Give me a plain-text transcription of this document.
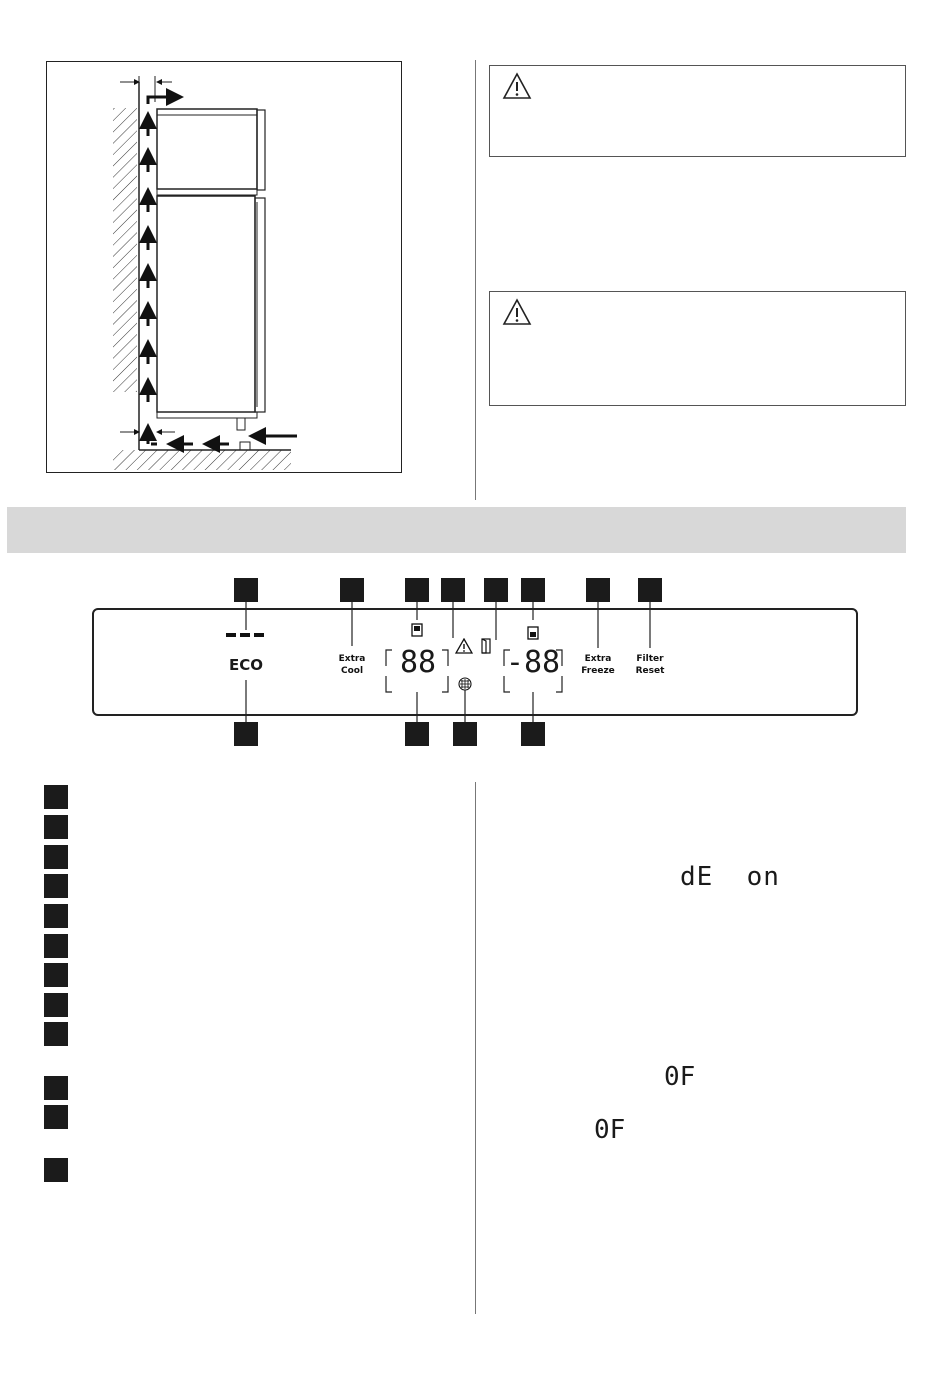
ECO	Extra
Cool	88 -88	Extra
Freeze
Filter
Reset
dE  on
0F
0F
